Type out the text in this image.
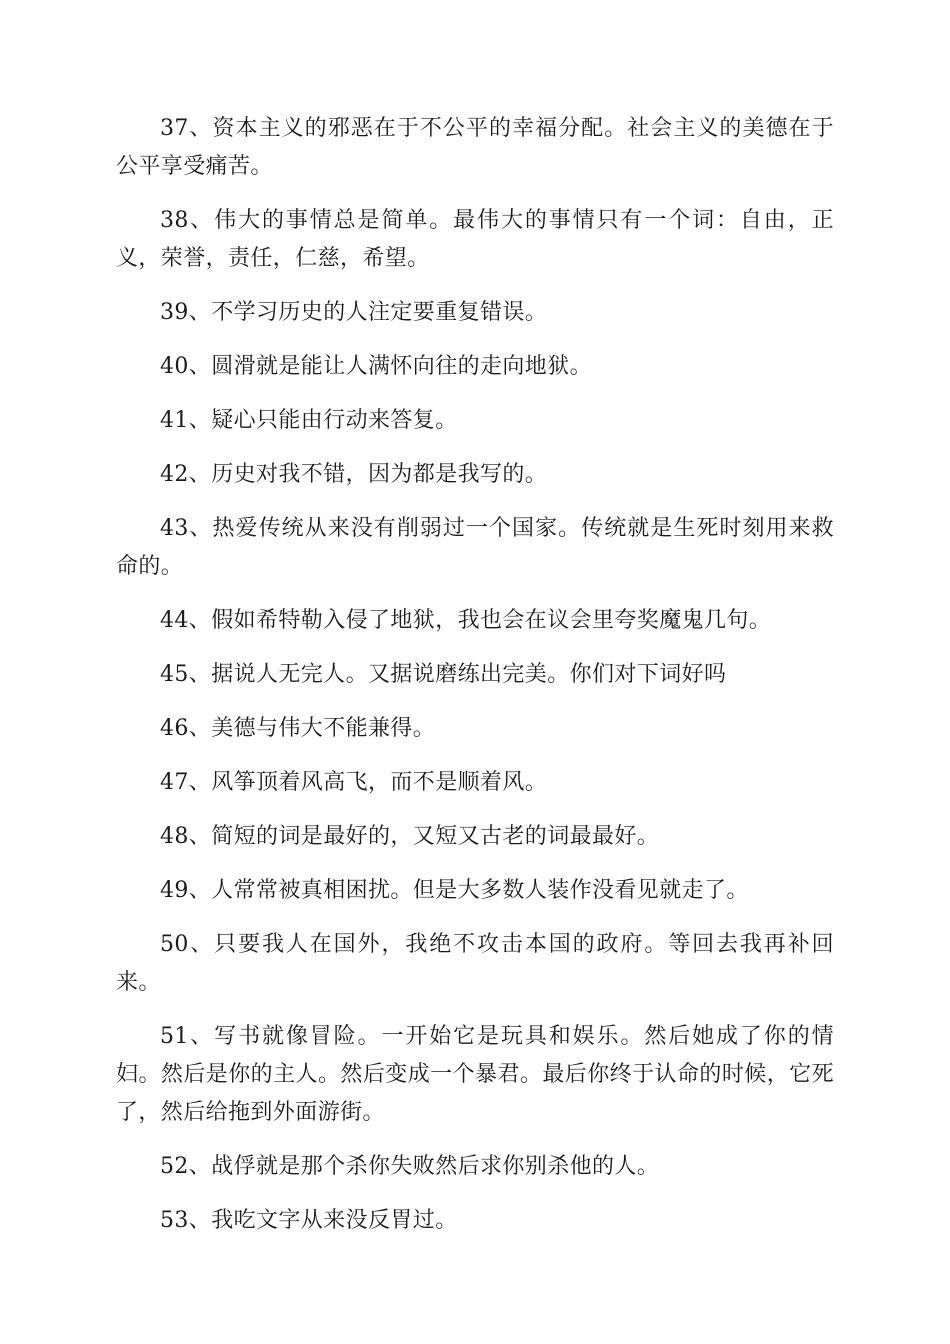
37、资本主义的邪恶在于不公平的幸福分配。社会主义的美德在于公平享受痛苦。

38、伟大的事情总是简单。最伟大的事情只有一个词：自由，正义，荣誉，责任，仁慈，希望。

39、不学习历史的人注定要重复错误。

40、圆滑就是能让人满怀向往的走向地狱。

41、疑心只能由行动来答复。

42、历史对我不错，因为都是我写的。

43、热爱传统从来没有削弱过一个国家。传统就是生死时刻用来救命的。

44、假如希特勒入侵了地狱，我也会在议会里夸奖魔鬼几句。

45、据说人无完人。又据说磨练出完美。你们对下词好吗

46、美德与伟大不能兼得。

47、风筝顶着风高飞，而不是顺着风。

48、简短的词是最好的，又短又古老的词最最好。

49、人常常被真相困扰。但是大多数人装作没看见就走了。

50、只要我人在国外，我绝不攻击本国的政府。等回去我再补回来。

51、写书就像冒险。一开始它是玩具和娱乐。然后她成了你的情妇。然后是你的主人。然后变成一个暴君。最后你终于认命的时候，它死了，然后给拖到外面游街。

52、战俘就是那个杀你失败然后求你别杀他的人。

53、我吃文字从来没反胃过。
